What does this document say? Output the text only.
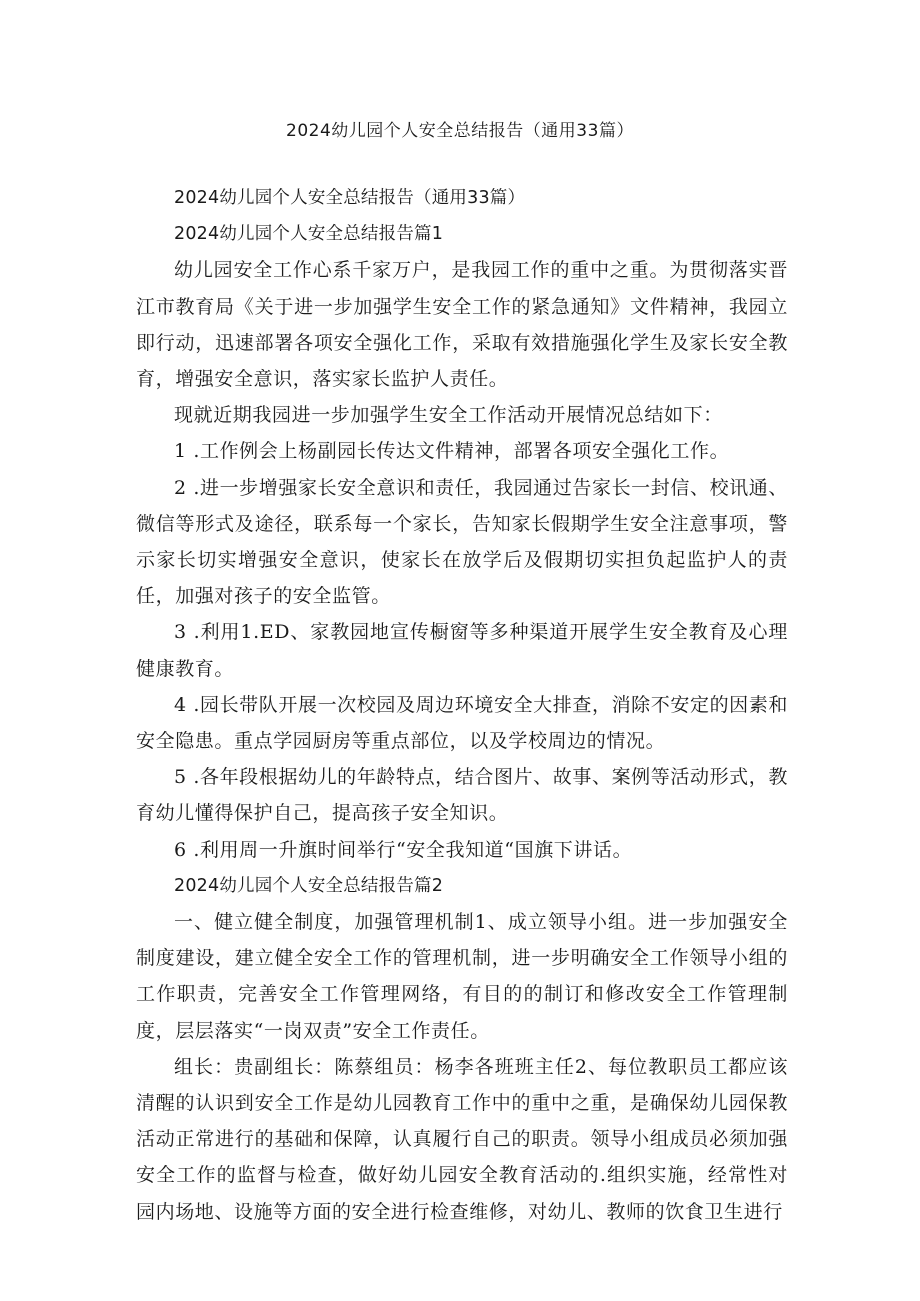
2024幼儿园个人安全总结报告（通用33篇）

2024幼儿园个人安全总结报告（通用33篇）

2024幼儿园个人安全总结报告篇1

幼儿园安全工作心系千家万户，是我园工作的重中之重。为贯彻落实晋江市教育局《关于进一步加强学生安全工作的紧急通知》文件精神，我园立即行动，迅速部署各项安全强化工作，采取有效措施强化学生及家长安全教育，增强安全意识，落实家长监护人责任。

现就近期我园进一步加强学生安全工作活动开展情况总结如下：

1 .工作例会上杨副园长传达文件精神，部署各项安全强化工作。

2 .进一步增强家长安全意识和责任，我园通过告家长一封信、校讯通、微信等形式及途径，联系每一个家长，告知家长假期学生安全注意事项，警示家长切实增强安全意识，使家长在放学后及假期切实担负起监护人的责任，加强对孩子的安全监管。

3 .利用1.ED、家教园地宣传橱窗等多种渠道开展学生安全教育及心理健康教育。

4 .园长带队开展一次校园及周边环境安全大排查，消除不安定的因素和安全隐患。重点学园厨房等重点部位，以及学校周边的情况。

5 .各年段根据幼儿的年龄特点，结合图片、故事、案例等活动形式，教育幼儿懂得保护自己，提高孩子安全知识。

6 .利用周一升旗时间举行“安全我知道“国旗下讲话。

2024幼儿园个人安全总结报告篇2

一、健立健全制度，加强管理机制1、成立领导小组。进一步加强安全制度建设，建立健全安全工作的管理机制，进一步明确安全工作领导小组的工作职责，完善安全工作管理网络，有目的的制订和修改安全工作管理制度，层层落实“一岗双责”安全工作责任。

组长：贵副组长：陈蔡组员：杨李各班班主任2、每位教职员工都应该清醒的认识到安全工作是幼儿园教育工作中的重中之重，是确保幼儿园保教活动正常进行的基础和保障，认真履行自己的职责。领导小组成员必须加强安全工作的监督与检查，做好幼儿园安全教育活动的.组织实施，经常性对园内场地、设施等方面的安全进行检查维修，对幼儿、教师的饮食卫生进行
